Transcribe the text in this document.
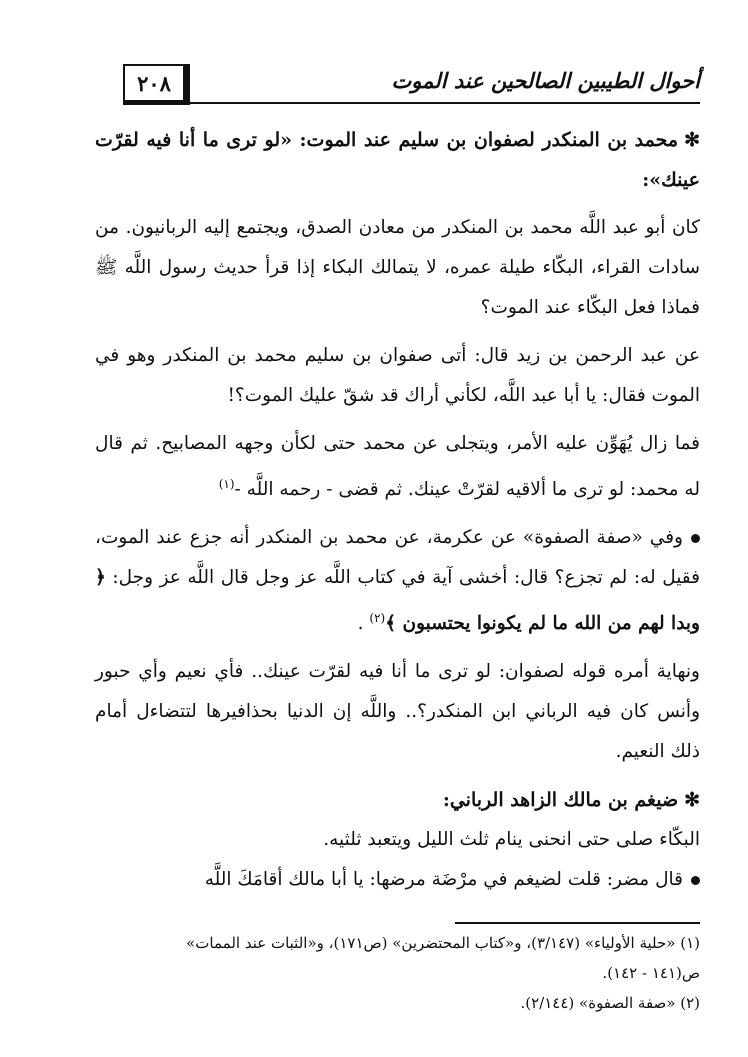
٢٠٨	أحوال الطيبين الصالحين عند الموت

✻محمد بن المنكدر لصفوان بن سليم عند الموت: «لو ترى ما أنا فيه لقرّت عينك»:

كان أبو عبد اللَّه محمد بن المنكدر من معادن الصدق، ويجتمع إليه الربانيون. من سادات القراء، البكّاء طيلة عمره، لا يتمالك البكاء إذا قرأ حديث رسول اللَّه ﷺ فماذا فعل البكّاء عند الموت؟

عن عبد الرحمن بن زيد قال: أتى صفوان بن سليم محمد بن المنكدر وهو في الموت فقال: يا أبا عبد اللَّه، لكأني أراك قد شقّ عليك الموت؟!

فما زال يُهَوِّن عليه الأمر، ويتجلى عن محمد حتى لكأن وجهه المصابيح. ثم قال له محمد: لو ترى ما ألاقيه لقرّتْ عينك. ثم قضى - رحمه اللَّه -$^{(١)}$

وفي «صفة الصفوة» عن عكرمة، عن محمد بن المنكدر أنه جزع عند الموت، فقيل له: لم تجزع؟ قال: أخشى آية في كتاب اللَّه عز وجل قال اللَّه عز وجل: ﴿ وبدا لهم من الله ما لم يكونوا يحتسبون ﴾$^{(٢)}$ .

ونهاية أمره قوله لصفوان: لو ترى ما أنا فيه لقرّت عينك.. فأي نعيم وأي حبور وأنس كان فيه الرباني ابن المنكدر؟.. واللَّه إن الدنيا بحذافيرها لتتضاءل أمام ذلك النعيم.

✻ضيغم بن مالك الزاهد الرباني:

البكّاء صلى حتى انحنى ينام ثلث الليل ويتعبد ثلثيه.

قال مضر: قلت لضيغم في مرْضَة مرضها: يا أبا مالك أقامَكَ اللَّه

(١) «حلية الأولياء» (٣/١٤٧)، و«كتاب المحتضرين» (ص١٧١)، و«الثبات عند الممات»

ص(١٤١ - ١٤٢).

(٢) «صفة الصفوة» (٢/١٤٤).
